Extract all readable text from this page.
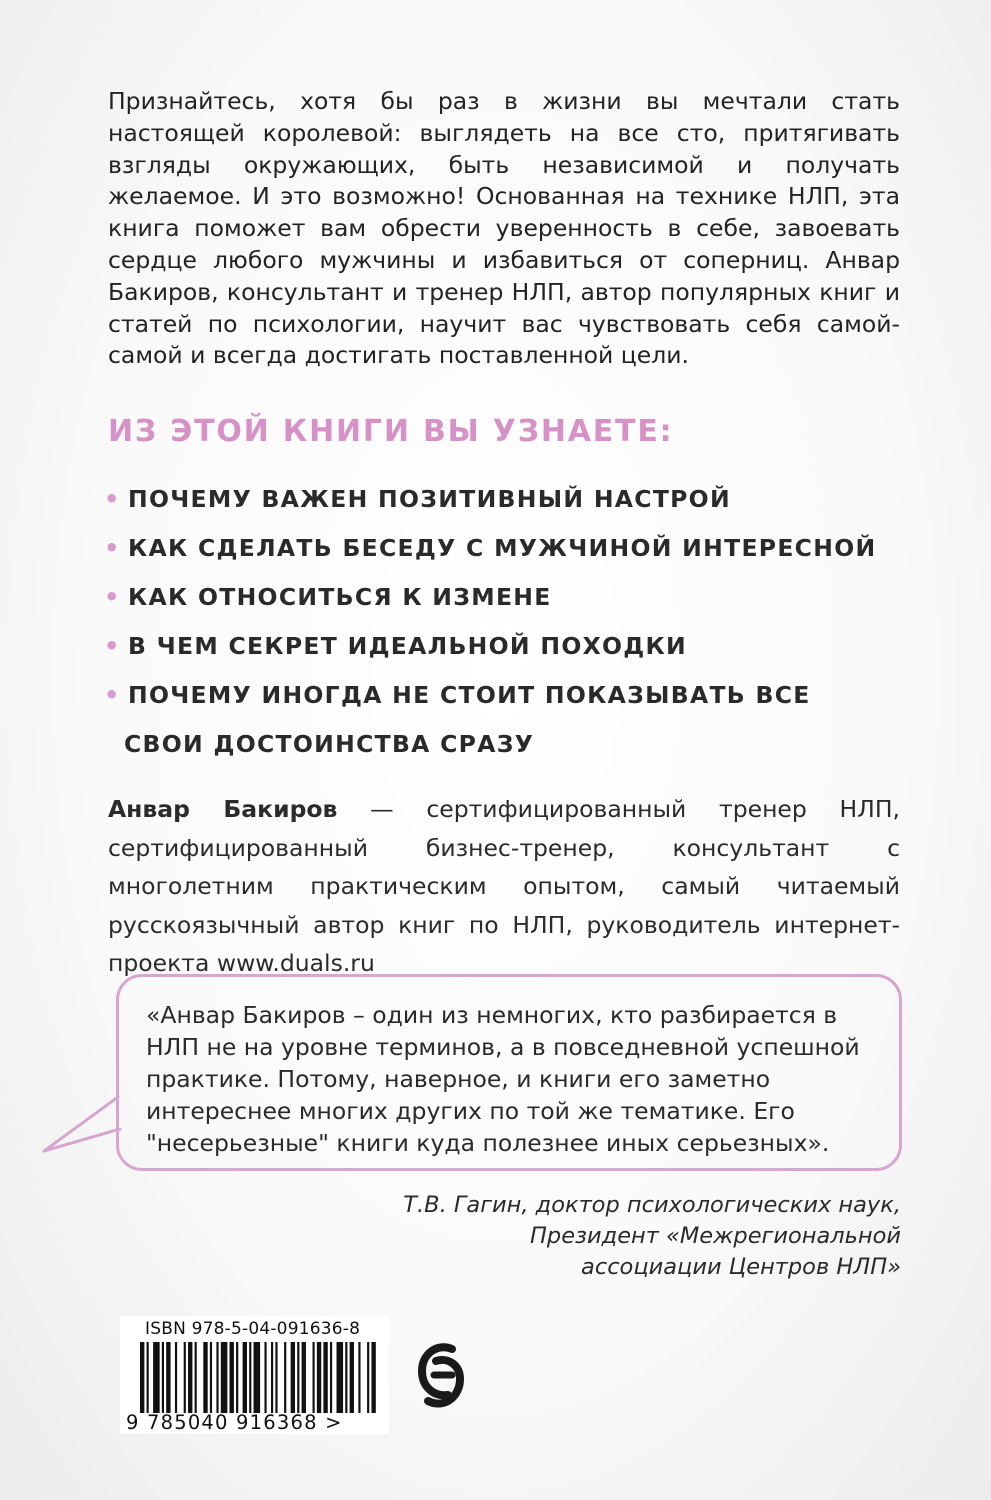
Признайтесь, хотя бы раз в жизни вы мечтали стать настоящей королевой: выглядеть на все сто, притягивать взгляды окружающих, быть независимой и получать желаемое. И это возможно! Основанная на технике НЛП, эта книга поможет вам обрести уверенность в себе, завоевать сердце любого мужчины и избавиться от соперниц. Анвар Бакиров, консультант и тренер НЛП, автор популярных книг и статей по психологии, научит вас чувствовать себя самой-самой и всегда достигать поставленной цели.

ИЗ ЭТОЙ КНИГИ ВЫ УЗНАЕТЕ:
• ПОЧЕМУ ВАЖЕН ПОЗИТИВНЫЙ НАСТРОЙ
• КАК СДЕЛАТЬ БЕСЕДУ С МУЖЧИНОЙ ИНТЕРЕСНОЙ
• КАК ОТНОСИТЬСЯ К ИЗМЕНЕ
• В ЧЕМ СЕКРЕТ ИДЕАЛЬНОЙ ПОХОДКИ
• ПОЧЕМУ ИНОГДА НЕ СТОИТ ПОКАЗЫВАТЬ ВСЕ
СВОИ ДОСТОИНСТВА СРАЗУ

Анвар Бакиров — сертифицированный тренер НЛП, сертифицированный бизнес-тренер, консультант с многолетним практическим опытом, самый читаемый русскоязычный автор книг по НЛП, руководитель интернет-проекта www.duals.ru

«Анвар Бакиров – один из немногих, кто разбирается в НЛП не на уровне терминов, а в повседневной успешной практике. Потому, наверное, и книги его заметно интереснее многих других по той же тематике. Его "несерьезные" книги куда полезнее иных серьезных».

Т.В. Гагин, доктор психологических наук,
Президент «Межрегиональной
ассоциации Центров НЛП»
ISBN 978-5-04-091636-8
9 785040 916368 >
